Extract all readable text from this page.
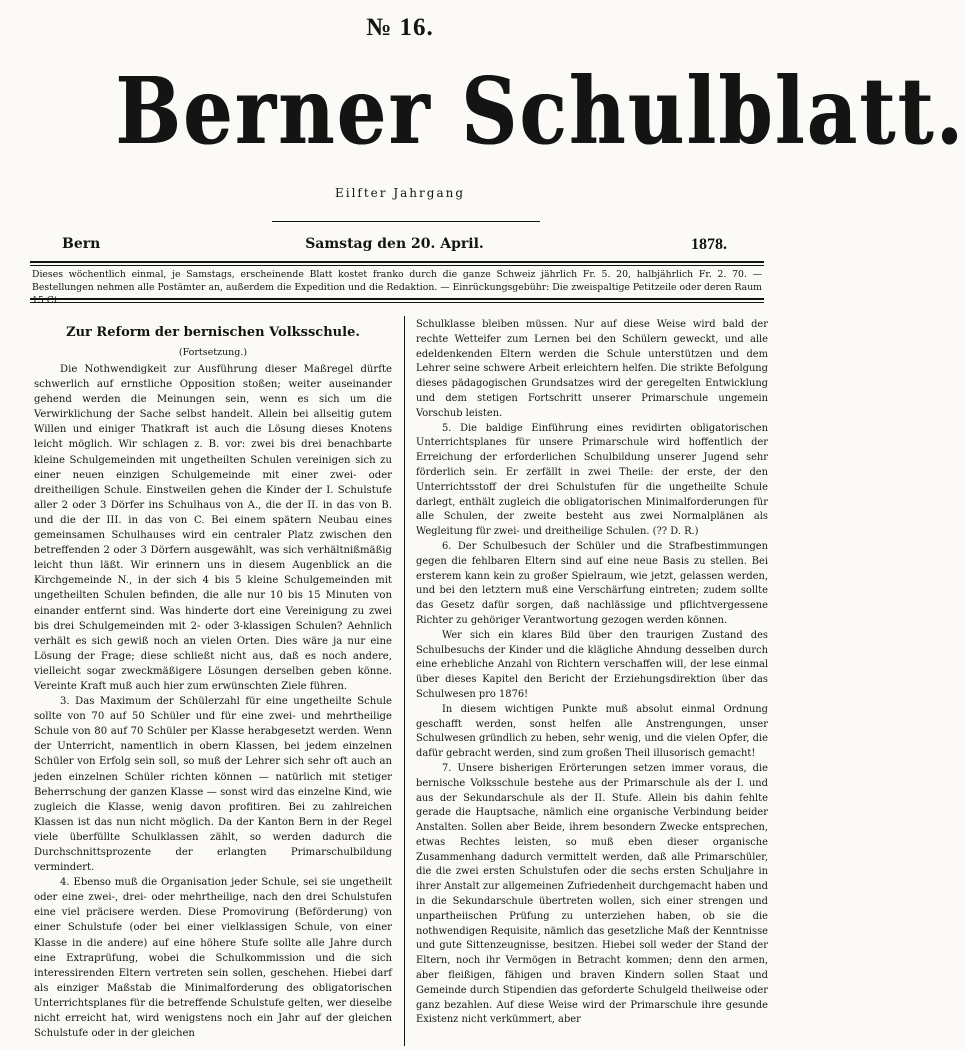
№ 16.
Berner Schulblatt.
Eilfter Jahrgang
Bern	Samstag den 20. April.	1878.
Dieses wöchentlich einmal, je Samstags, erscheinende Blatt kostet franko durch die ganze Schweiz jährlich Fr. 5. 20, halbjährlich Fr. 2. 70. — Bestellungen nehmen alle Postämter an, außerdem die Expedition und die Redaktion. — Einrückungsgebühr: Die zweispaltige Petitzeile oder deren Raum 15 Ct.
Zur Reform der bernischen Volksschule.
(Fortsetzung.)

Die Nothwendigkeit zur Ausführung dieser Maßregel dürfte schwerlich auf ernstliche Opposition stoßen; weiter auseinander gehend werden die Meinungen sein, wenn es sich um die Verwirklichung der Sache selbst handelt. Allein bei allseitig gutem Willen und einiger Thatkraft ist auch die Lösung dieses Knotens leicht möglich. Wir schlagen z. B. vor: zwei bis drei benachbarte kleine Schulgemeinden mit ungetheilten Schulen vereinigen sich zu einer neuen einzigen Schulgemeinde mit einer zwei- oder dreitheiligen Schule. Einstweilen gehen die Kinder der I. Schulstufe aller 2 oder 3 Dörfer ins Schulhaus von A., die der II. in das von B. und die der III. in das von C. Bei einem spätern Neubau eines gemeinsamen Schulhauses wird ein centraler Platz zwischen den betreffenden 2 oder 3 Dörfern ausgewählt, was sich verhältnißmäßig leicht thun läßt. Wir erinnern uns in diesem Augenblick an die Kirchgemeinde N., in der sich 4 bis 5 kleine Schulgemeinden mit ungetheilten Schulen befinden, die alle nur 10 bis 15 Minuten von einander entfernt sind. Was hinderte dort eine Vereinigung zu zwei bis drei Schulgemeinden mit 2- oder 3-klassigen Schulen? Aehnlich verhält es sich gewiß noch an vielen Orten. Dies wäre ja nur eine Lösung der Frage; diese schließt nicht aus, daß es noch andere, vielleicht sogar zweckmäßigere Lösungen derselben geben könne. Vereinte Kraft muß auch hier zum erwünschten Ziele führen.

3. Das Maximum der Schülerzahl für eine ungetheilte Schule sollte von 70 auf 50 Schüler und für eine zwei- und mehrtheilige Schule von 80 auf 70 Schüler per Klasse herabgesetzt werden. Wenn der Unterricht, namentlich in obern Klassen, bei jedem einzelnen Schüler von Erfolg sein soll, so muß der Lehrer sich sehr oft auch an jeden einzelnen Schüler richten können — natürlich mit stetiger Beherrschung der ganzen Klasse — sonst wird das einzelne Kind, wie zugleich die Klasse, wenig davon profitiren. Bei zu zahlreichen Klassen ist das nun nicht möglich. Da der Kanton Bern in der Regel viele überfüllte Schulklassen zählt, so werden dadurch die Durchschnittsprozente der erlangten Primarschulbildung vermindert.

4. Ebenso muß die Organisation jeder Schule, sei sie ungetheilt oder eine zwei-, drei- oder mehrtheilige, nach den drei Schulstufen eine viel präcisere werden. Diese Promovirung (Beförderung) von einer Schulstufe (oder bei einer vielklassigen Schule, von einer Klasse in die andere) auf eine höhere Stufe sollte alle Jahre durch eine Extraprüfung, wobei die Schulkommission und die sich interessirenden Eltern vertreten sein sollen, geschehen. Hiebei darf als einziger Maßstab die Minimalforderung des obligatorischen Unterrichtsplanes für die betreffende Schulstufe gelten, wer dieselbe nicht erreicht hat, wird wenigstens noch ein Jahr auf der gleichen Schulstufe oder in der gleichen

Schulklasse bleiben müssen. Nur auf diese Weise wird bald der rechte Wetteifer zum Lernen bei den Schülern geweckt, und alle edeldenkenden Eltern werden die Schule unterstützen und dem Lehrer seine schwere Arbeit erleichtern helfen. Die strikte Befolgung dieses pädagogischen Grundsatzes wird der geregelten Entwicklung und dem stetigen Fortschritt unserer Primarschule ungemein Vorschub leisten.

5. Die baldige Einführung eines revidirten obligatorischen Unterrichtsplanes für unsere Primarschule wird hoffentlich der Erreichung der erforderlichen Schulbildung unserer Jugend sehr förderlich sein. Er zerfällt in zwei Theile: der erste, der den Unterrichtsstoff der drei Schulstufen für die ungetheilte Schule darlegt, enthält zugleich die obligatorischen Minimalforderungen für alle Schulen, der zweite besteht aus zwei Normalplänen als Wegleitung für zwei- und dreitheilige Schulen. (?? D. R.)

6. Der Schulbesuch der Schüler und die Strafbestimmungen gegen die fehlbaren Eltern sind auf eine neue Basis zu stellen. Bei ersterem kann kein zu großer Spielraum, wie jetzt, gelassen werden, und bei den letztern muß eine Verschärfung eintreten; zudem sollte das Gesetz dafür sorgen, daß nachlässige und pflichtvergessene Richter zu gehöriger Verantwortung gezogen werden können.

Wer sich ein klares Bild über den traurigen Zustand des Schulbesuchs der Kinder und die klägliche Ahndung desselben durch eine erhebliche Anzahl von Richtern verschaffen will, der lese einmal über dieses Kapitel den Bericht der Erziehungsdirektion über das Schulwesen pro 1876!

In diesem wichtigen Punkte muß absolut einmal Ordnung geschafft werden, sonst helfen alle Anstrengungen, unser Schulwesen gründlich zu heben, sehr wenig, und die vielen Opfer, die dafür gebracht werden, sind zum großen Theil illusorisch gemacht!

7. Unsere bisherigen Erörterungen setzen immer voraus, die bernische Volksschule bestehe aus der Primarschule als der I. und aus der Sekundarschule als der II. Stufe. Allein bis dahin fehlte gerade die Hauptsache, nämlich eine organische Verbindung beider Anstalten. Sollen aber Beide, ihrem besondern Zwecke entsprechen, etwas Rechtes leisten, so muß eben dieser organische Zusammenhang dadurch vermittelt werden, daß alle Primarschüler, die die zwei ersten Schulstufen oder die sechs ersten Schuljahre in ihrer Anstalt zur allgemeinen Zufriedenheit durchgemacht haben und in die Sekundarschule übertreten wollen, sich einer strengen und unpartheiischen Prüfung zu unterziehen haben, ob sie die nothwendigen Requisite, nämlich das gesetzliche Maß der Kenntnisse und gute Sittenzeugnisse, besitzen. Hiebei soll weder der Stand der Eltern, noch ihr Vermögen in Betracht kommen; denn den armen, aber fleißigen, fähigen und braven Kindern sollen Staat und Gemeinde durch Stipendien das geforderte Schulgeld theilweise oder ganz bezahlen. Auf diese Weise wird der Primarschule ihre gesunde Existenz nicht verkümmert, aber
